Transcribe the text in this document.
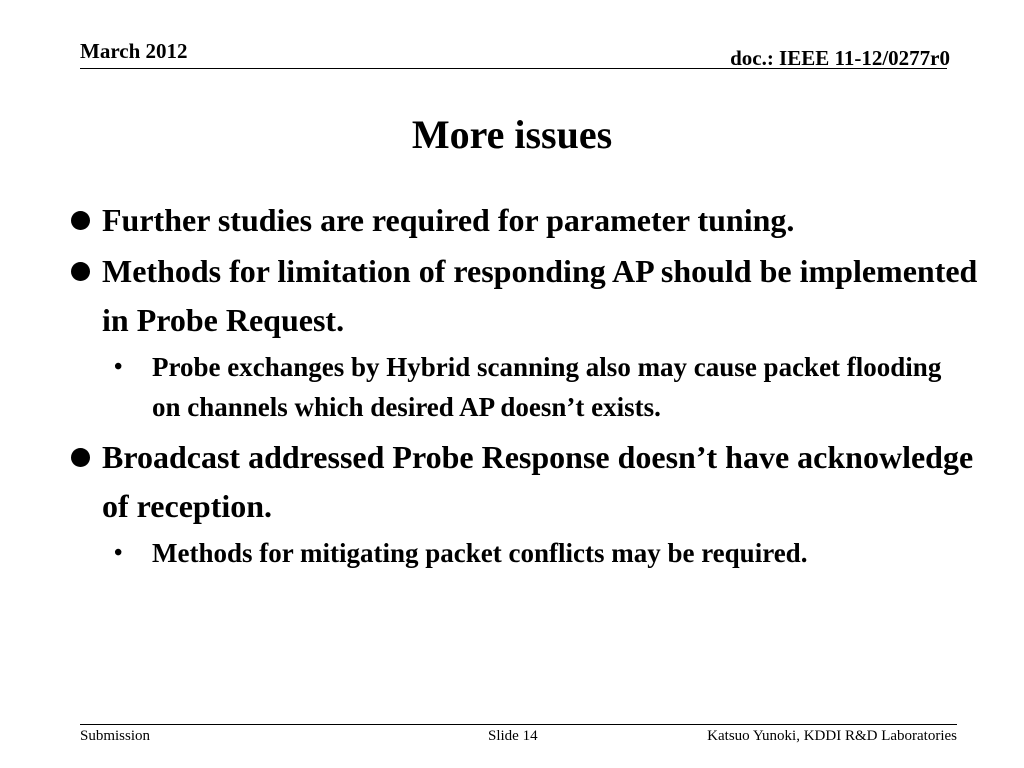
March 2012	doc.: IEEE 11-12/0277r0
More issues
Further studies are required for parameter tuning.
Methods for limitation of responding AP should be implemented in Probe Request.
• Probe exchanges by Hybrid scanning also may cause packet flooding on channels which desired AP doesn’t exists.
Broadcast addressed Probe Response doesn’t have acknowledge of reception.
• Methods for mitigating packet conflicts may be required.
Submission	Slide 14	Katsuo Yunoki, KDDI R&D Laboratories
